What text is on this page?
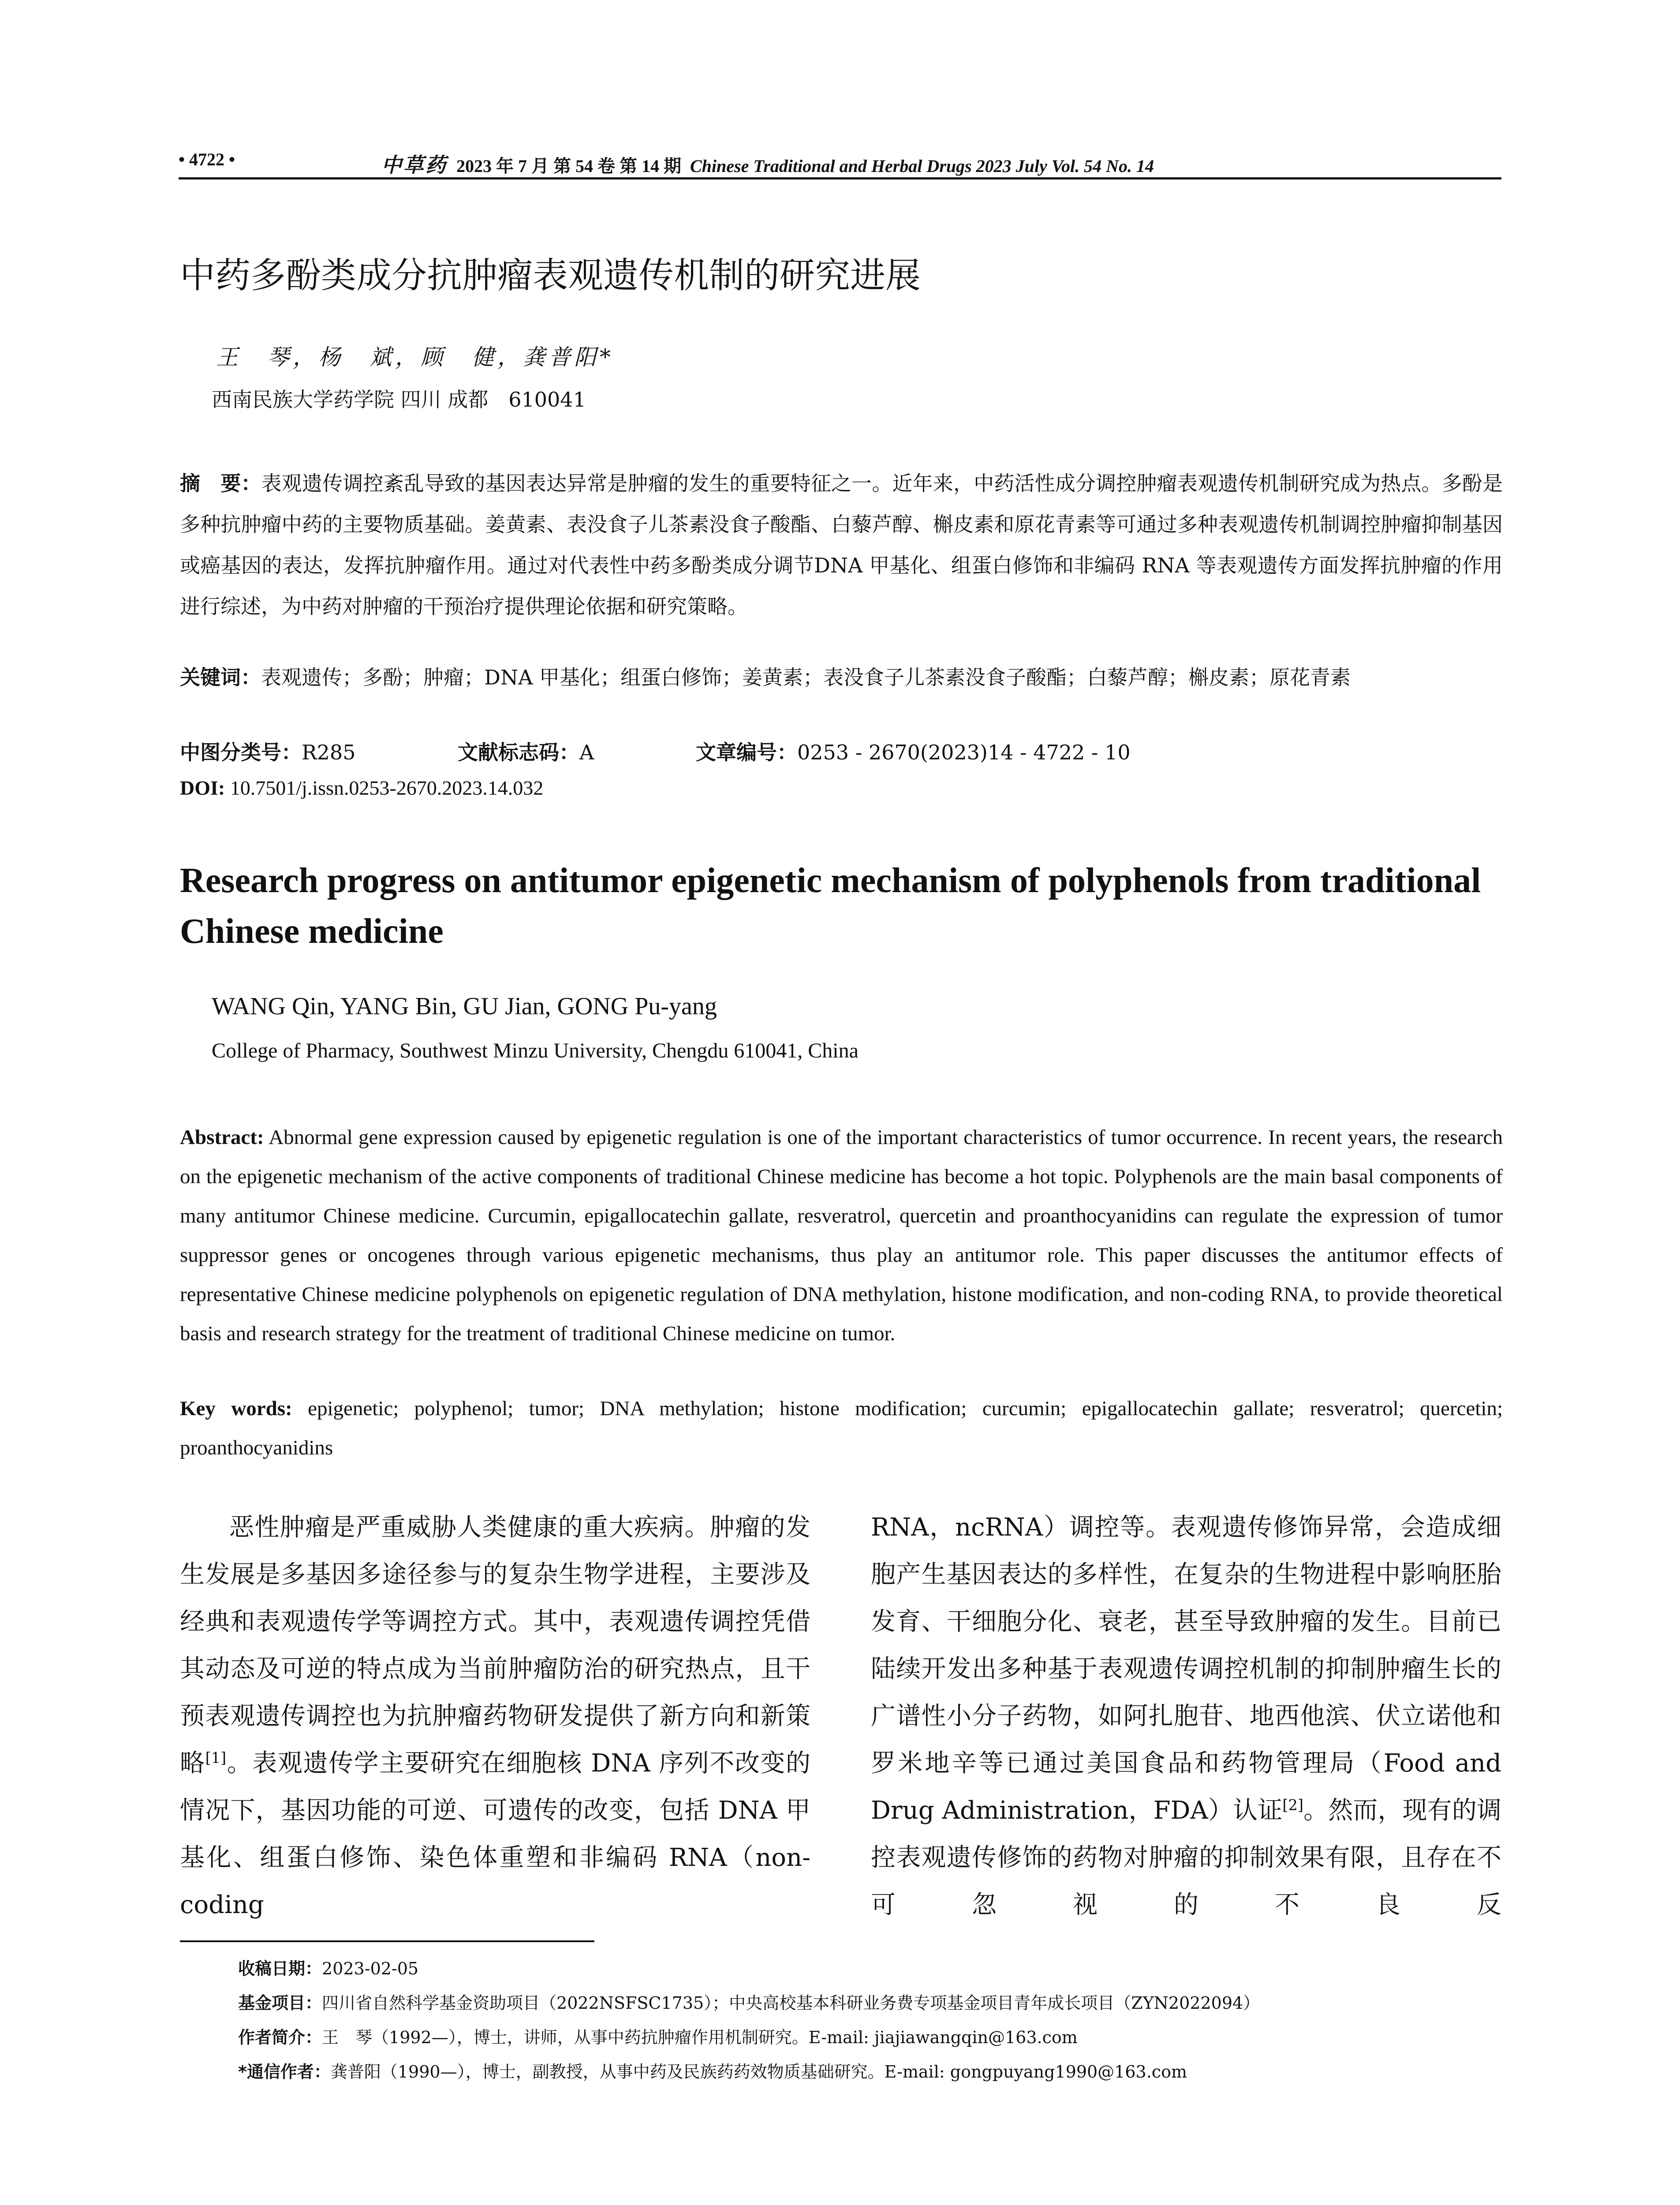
• 4722 •	中草药 2023 年 7 月 第 54 卷 第 14 期 Chinese Traditional and Herbal Drugs 2023 July Vol. 54 No. 14
中药多酚类成分抗肿瘤表观遗传机制的研究进展
王　琴，杨　斌，顾　健，龚普阳*
西南民族大学药学院 四川 成都　610041
摘　要：表观遗传调控紊乱导致的基因表达异常是肿瘤的发生的重要特征之一。近年来，中药活性成分调控肿瘤表观遗传机制研究成为热点。多酚是多种抗肿瘤中药的主要物质基础。姜黄素、表没食子儿茶素没食子酸酯、白藜芦醇、槲皮素和原花青素等可通过多种表观遗传机制调控肿瘤抑制基因或癌基因的表达，发挥抗肿瘤作用。通过对代表性中药多酚类成分调节DNA 甲基化、组蛋白修饰和非编码 RNA 等表观遗传方面发挥抗肿瘤的作用进行综述，为中药对肿瘤的干预治疗提供理论依据和研究策略。
关键词：表观遗传；多酚；肿瘤；DNA 甲基化；组蛋白修饰；姜黄素；表没食子儿茶素没食子酸酯；白藜芦醇；槲皮素；原花青素
中图分类号：R285	文献标志码：A	文章编号：0253 - 2670(2023)14 - 4722 - 10
DOI: 10.7501/j.issn.0253-2670.2023.14.032
Research progress on antitumor epigenetic mechanism of polyphenols from traditional Chinese medicine
WANG Qin, YANG Bin, GU Jian, GONG Pu-yang
College of Pharmacy, Southwest Minzu University, Chengdu 610041, China
Abstract: Abnormal gene expression caused by epigenetic regulation is one of the important characteristics of tumor occurrence. In recent years, the research on the epigenetic mechanism of the active components of traditional Chinese medicine has become a hot topic. Polyphenols are the main basal components of many antitumor Chinese medicine. Curcumin, epigallocatechin gallate, resveratrol, quercetin and proanthocyanidins can regulate the expression of tumor suppressor genes or oncogenes through various epigenetic mechanisms, thus play an antitumor role. This paper discusses the antitumor effects of representative Chinese medicine polyphenols on epigenetic regulation of DNA methylation, histone modification, and non-coding RNA, to provide theoretical basis and research strategy for the treatment of traditional Chinese medicine on tumor.
Key words: epigenetic; polyphenol; tumor; DNA methylation; histone modification; curcumin; epigallocatechin gallate; resveratrol; quercetin; proanthocyanidins
恶性肿瘤是严重威胁人类健康的重大疾病。肿瘤的发生发展是多基因多途径参与的复杂生物学进程，主要涉及经典和表观遗传学等调控方式。其中，表观遗传调控凭借其动态及可逆的特点成为当前肿瘤防治的研究热点，且干预表观遗传调控也为抗肿瘤药物研发提供了新方向和新策略[1]。表观遗传学主要研究在细胞核 DNA 序列不改变的情况下，基因功能的可逆、可遗传的改变，包括 DNA 甲基化、组蛋白修饰、染色体重塑和非编码 RNA（non-coding
RNA，ncRNA）调控等。表观遗传修饰异常，会造成细胞产生基因表达的多样性，在复杂的生物进程中影响胚胎发育、干细胞分化、衰老，甚至导致肿瘤的发生。目前已陆续开发出多种基于表观遗传调控机制的抑制肿瘤生长的广谱性小分子药物，如阿扎胞苷、地西他滨、伏立诺他和罗米地辛等已通过美国食品和药物管理局（Food and Drug Administration，FDA）认证[2]。然而，现有的调控表观遗传修饰的药物对肿瘤的抑制效果有限，且存在不可忽视的不良反
收稿日期：2023-02-05
基金项目：四川省自然科学基金资助项目（2022NSFSC1735）；中央高校基本科研业务费专项基金项目青年成长项目（ZYN2022094）
作者简介：王　琴（1992—），博士，讲师，从事中药抗肿瘤作用机制研究。E-mail: jiajiawangqin@163.com
*通信作者：龚普阳（1990—），博士，副教授，从事中药及民族药药效物质基础研究。E-mail: gongpuyang1990@163.com
